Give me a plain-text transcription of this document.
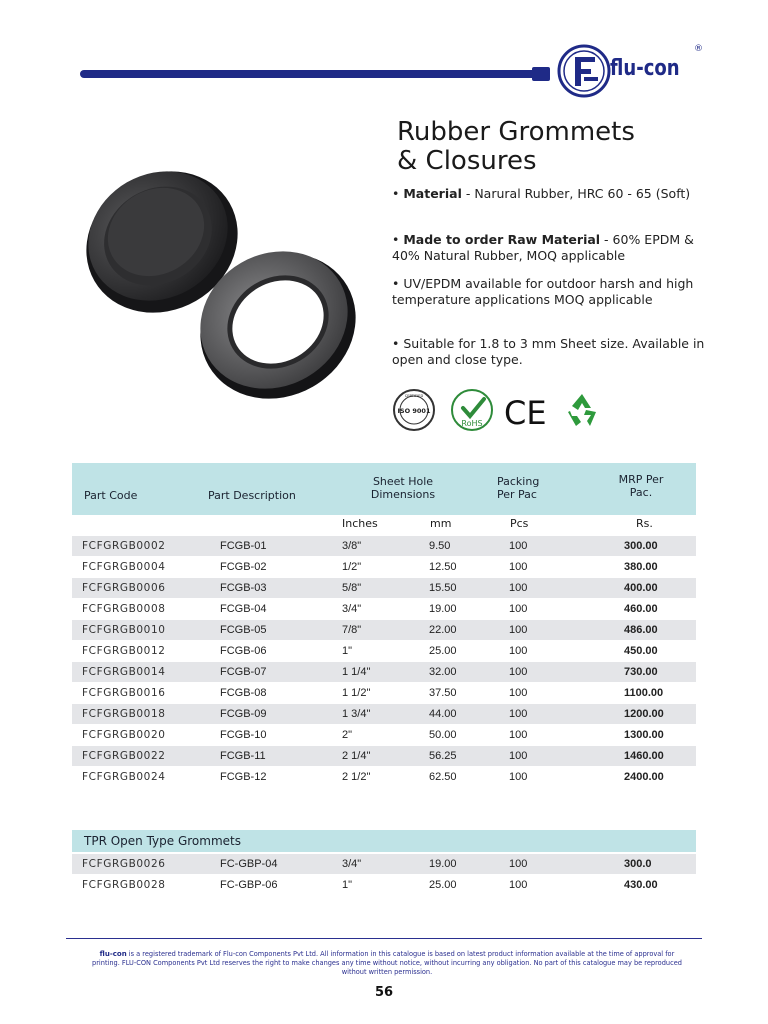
flu-con
®
Rubber Grommets
& Closures
• Material - Narural Rubber, HRC 60 - 65 (Soft)
• Made to order Raw Material - 60% EPDM & 40% Natural Rubber, MOQ applicable
• UV/EPDM available for outdoor harsh and high temperature applications MOQ applicable
• Suitable for 1.8 to 3 mm Sheet size. Available in open and close type.
ISO 9001
CERTIFIED
RoHS CE
Part Code	Part Description
Sheet Hole Dimensions
Packing Per Pac
MRP Per Pac.
Inches	mm	Pcs	Rs.
FCFGRGB0002	FCGB-01	3/8"	9.50	100	300.00
FCFGRGB0004	FCGB-02	1/2"	12.50	100	380.00
FCFGRGB0006	FCGB-03	5/8"	15.50	100	400.00
FCFGRGB0008	FCGB-04	3/4"	19.00	100	460.00
FCFGRGB0010	FCGB-05	7/8"	22.00	100	486.00
FCFGRGB0012	FCGB-06	1"	25.00	100	450.00
FCFGRGB0014	FCGB-07	1 1/4"	32.00	100	730.00
FCFGRGB0016	FCGB-08	1 1/2"	37.50	100	1100.00
FCFGRGB0018	FCGB-09	1 3/4"	44.00	100	1200.00
FCFGRGB0020	FCGB-10	2"	50.00	100	1300.00
FCFGRGB0022	FCGB-11	2 1/4"	56.25	100	1460.00
FCFGRGB0024	FCGB-12	2 1/2"	62.50	100	2400.00
TPR Open Type Grommets
FCFGRGB0026	FC-GBP-04	3/4"	19.00	100	300.0
FCFGRGB0028	FC-GBP-06	1"	25.00	100	430.00
flu-con is a registered trademark of Flu-con Components Pvt Ltd. All information in this catalogue is based on latest product information available at the time of approval for printing. FLU-CON Components Pvt Ltd reserves the right to make changes any time without notice, without incurring any obligation. No part of this catalogue may be reproduced without written permission.
56
